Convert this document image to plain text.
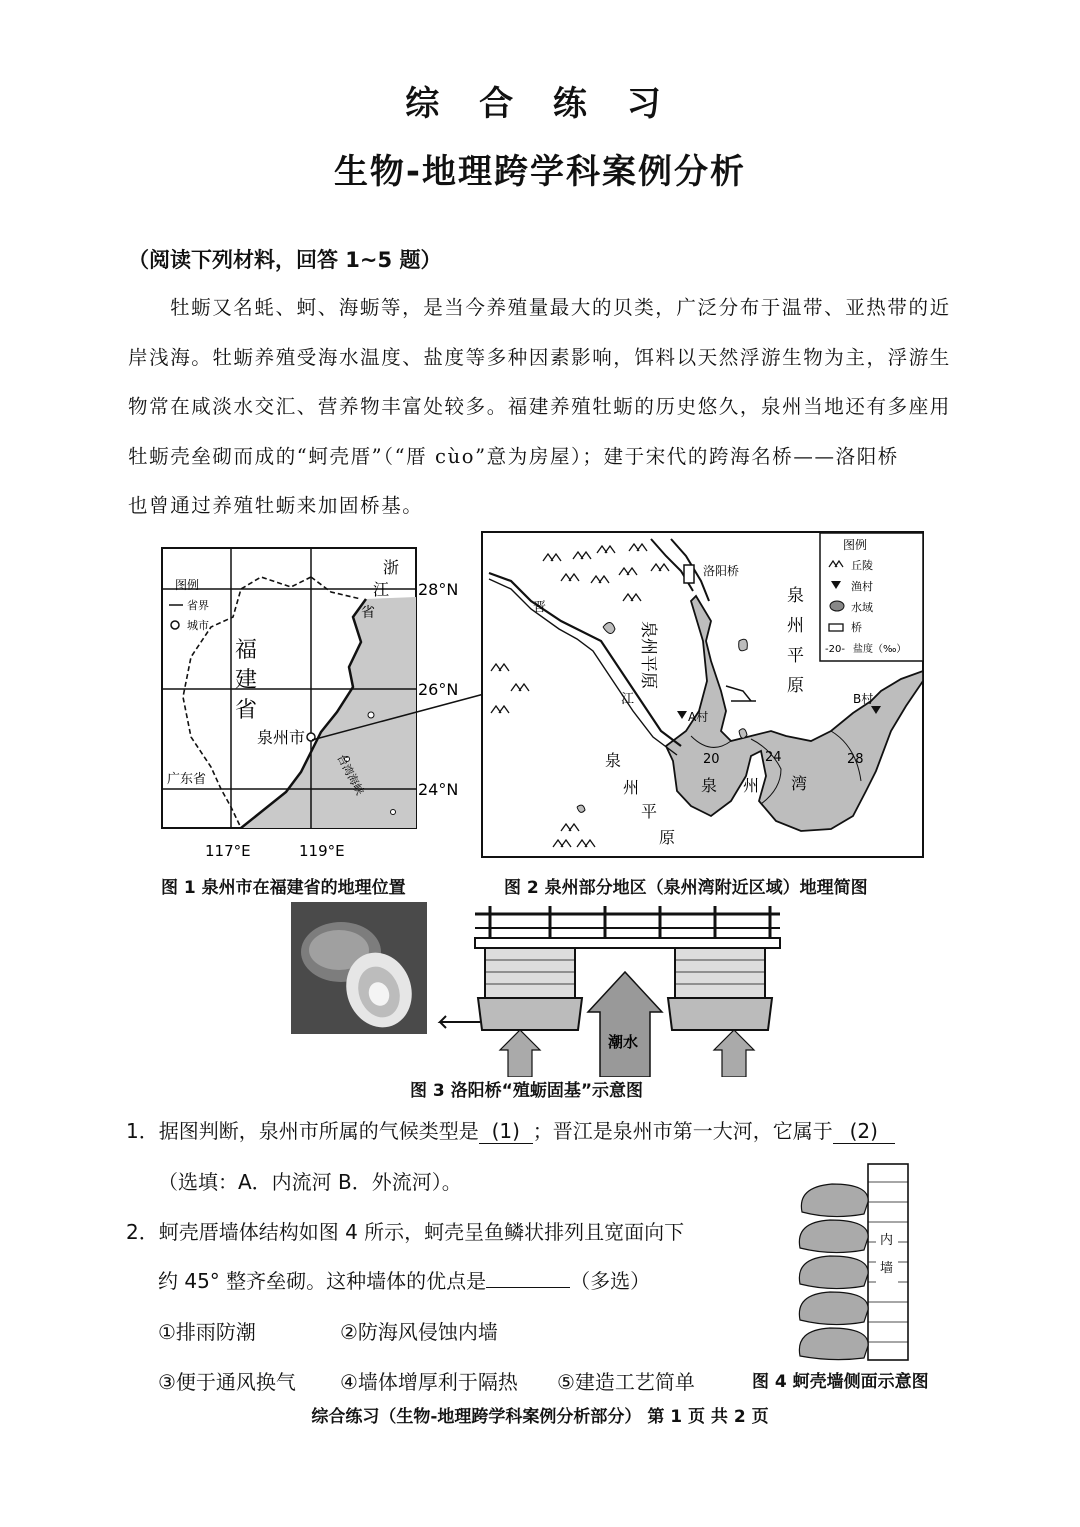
综 合 练 习
生物-地理跨学科案例分析
（阅读下列材料，回答 1~5 题）

牡蛎又名蚝、蚵、海蛎等，是当今养殖量最大的贝类，广泛分布于温带、亚热带的近

岸浅海。牡蛎养殖受海水温度、盐度等多种因素影响，饵料以天然浮游生物为主，浮游生

物常在咸淡水交汇、营养物丰富处较多。福建养殖牡蛎的历史悠久，泉州当地还有多座用

牡蛎壳垒砌而成的“蚵壳厝”（“厝 cùo”意为房屋）；建于宋代的跨海名桥——洛阳桥

也曾通过养殖牡蛎来加固桥基。

图例
省界
城市
浙
江
省
福
建
省
泉州市
广东省	台湾海峡
28°N
26°N
24°N
117°E	119°E
图 1 泉州市在福建省的地理位置
洛阳桥
图例
丘陵
渔村
水域
桥
-20- 盐度（‰）
晋
江
泉州平原
泉
州
平
原
泉
州
平
原
A村
B村
20	24	28
泉 州 湾
图 2 泉州部分地区（泉州湾附近区域）地理简图
潮水
图 3 洛阳桥“殖蛎固基”示意图
1．据图判断，泉州市所属的气候类型是 (1) ；晋江是泉州市第一大河，它属于 (2)
（选填：A．内流河 B．外流河）。
2．蚵壳厝墙体结构如图 4 所示，蚵壳呈鱼鳞状排列且宽面向下
约 45° 整齐垒砌。这种墙体的优点是	（多选）
①排雨防潮	②防海风侵蚀内墙
③便于通风换气 ④墙体增厚利于隔热 ⑤建造工艺简单
内
墙
图 4 蚵壳墙侧面示意图
综合练习（生物-地理跨学科案例分析部分） 第 1 页 共 2 页
